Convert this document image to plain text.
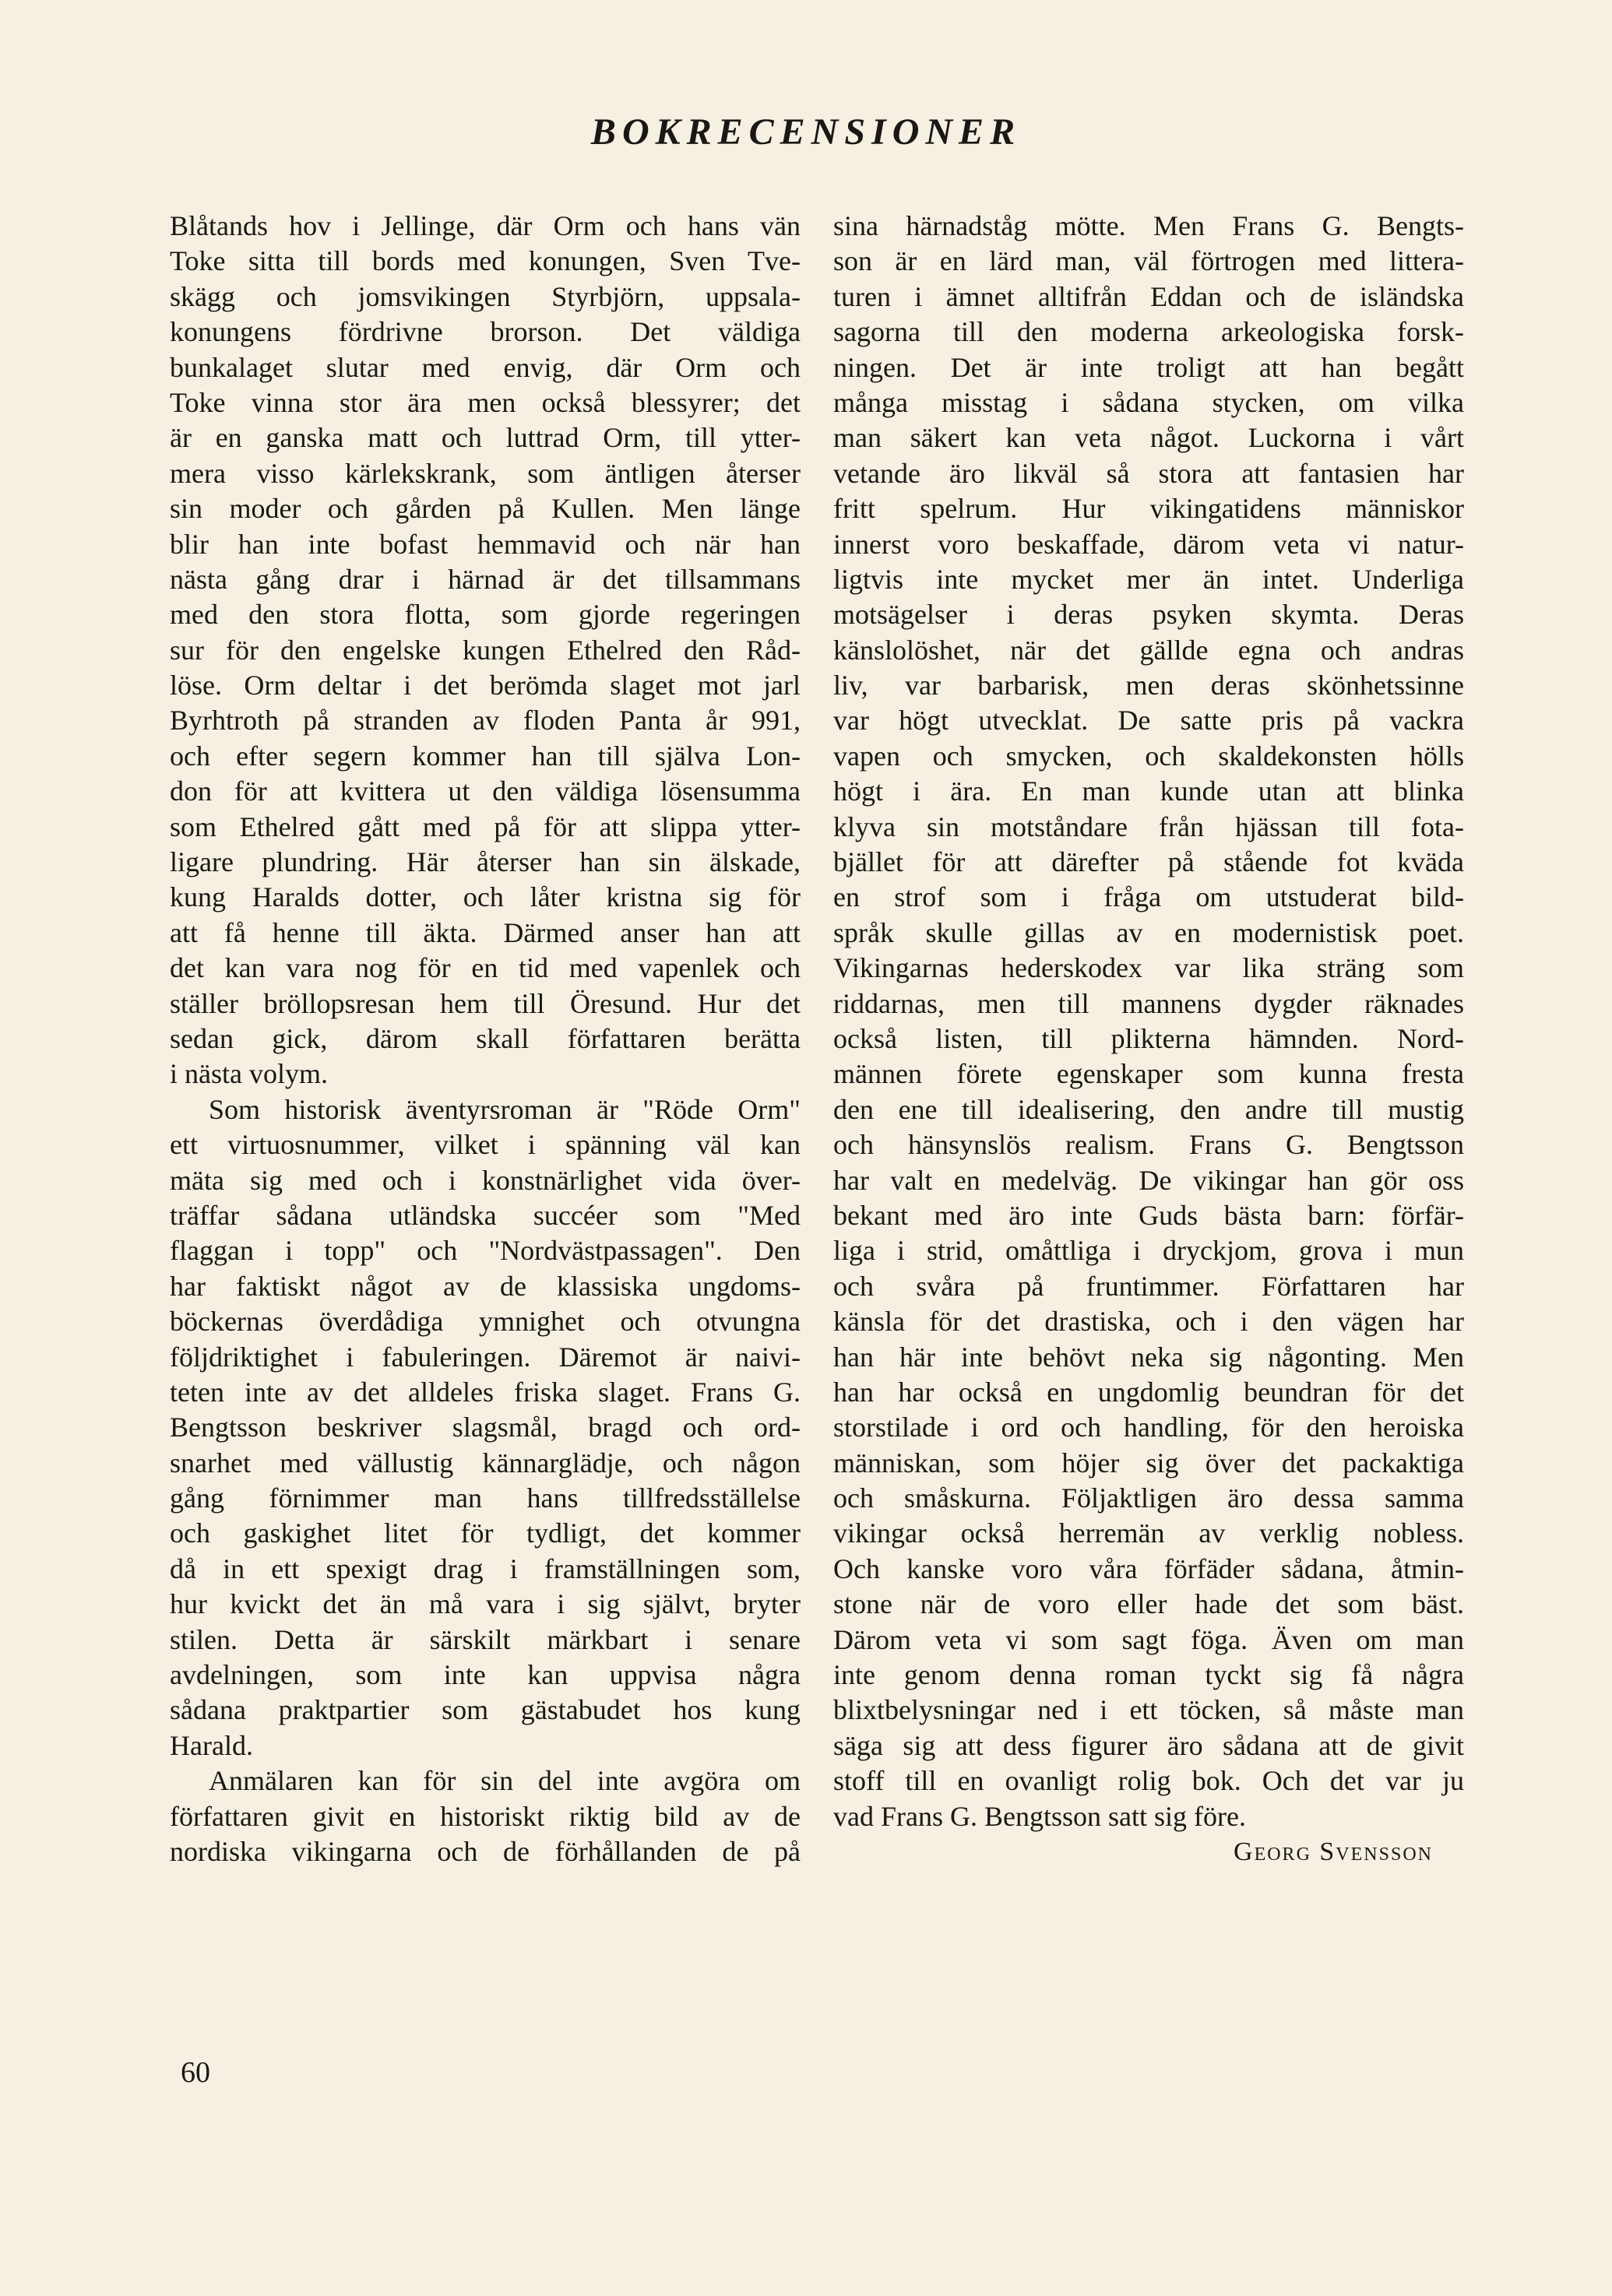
BOKRECENSIONER
Blåtands hov i Jellinge, där Orm och hans vän
Toke sitta till bords med konungen, Sven Tve-
skägg och jomsvikingen Styrbjörn, uppsala-
konungens fördrivne brorson. Det väldiga
bunkalaget slutar med envig, där Orm och
Toke vinna stor ära men också blessyrer; det
är en ganska matt och luttrad Orm, till ytter-
mera visso kärlekskrank, som äntligen återser
sin moder och gården på Kullen. Men länge
blir han inte bofast hemmavid och när han
nästa gång drar i härnad är det tillsammans
med den stora flotta, som gjorde regeringen
sur för den engelske kungen Ethelred den Råd-
löse. Orm deltar i det berömda slaget mot jarl
Byrhtroth på stranden av floden Panta år 991,
och efter segern kommer han till själva Lon-
don för att kvittera ut den väldiga lösensumma
som Ethelred gått med på för att slippa ytter-
ligare plundring. Här återser han sin älskade,
kung Haralds dotter, och låter kristna sig för
att få henne till äkta. Därmed anser han att
det kan vara nog för en tid med vapenlek och
ställer bröllopsresan hem till Öresund. Hur det
sedan gick, därom skall författaren berätta
i nästa volym.
Som historisk äventyrsroman är "Röde Orm"
ett virtuosnummer, vilket i spänning väl kan
mäta sig med och i konstnärlighet vida över-
träffar sådana utländska succéer som "Med
flaggan i topp" och "Nordvästpassagen". Den
har faktiskt något av de klassiska ungdoms-
böckernas överdådiga ymnighet och otvungna
följdriktighet i fabuleringen. Däremot är naivi-
teten inte av det alldeles friska slaget. Frans G.
Bengtsson beskriver slagsmål, bragd och ord-
snarhet med vällustig kännarglädje, och någon
gång förnimmer man hans tillfredsställelse
och gaskighet litet för tydligt, det kommer
då in ett spexigt drag i framställningen som,
hur kvickt det än må vara i sig självt, bryter
stilen. Detta är särskilt märkbart i senare
avdelningen, som inte kan uppvisa några
sådana praktpartier som gästabudet hos kung
Harald.
Anmälaren kan för sin del inte avgöra om
författaren givit en historiskt riktig bild av de
nordiska vikingarna och de förhållanden de på
sina härnadståg mötte. Men Frans G. Bengts-
son är en lärd man, väl förtrogen med littera-
turen i ämnet alltifrån Eddan och de isländska
sagorna till den moderna arkeologiska forsk-
ningen. Det är inte troligt att han begått
många misstag i sådana stycken, om vilka
man säkert kan veta något. Luckorna i vårt
vetande äro likväl så stora att fantasien har
fritt spelrum. Hur vikingatidens människor
innerst voro beskaffade, därom veta vi natur-
ligtvis inte mycket mer än intet. Underliga
motsägelser i deras psyken skymta. Deras
känslolöshet, när det gällde egna och andras
liv, var barbarisk, men deras skönhetssinne
var högt utvecklat. De satte pris på vackra
vapen och smycken, och skaldekonsten hölls
högt i ära. En man kunde utan att blinka
klyva sin motståndare från hjässan till fota-
bjället för att därefter på stående fot kväda
en strof som i fråga om utstuderat bild-
språk skulle gillas av en modernistisk poet.
Vikingarnas hederskodex var lika sträng som
riddarnas, men till mannens dygder räknades
också listen, till plikterna hämnden. Nord-
männen förete egenskaper som kunna fresta
den ene till idealisering, den andre till mustig
och hänsynslös realism. Frans G. Bengtsson
har valt en medelväg. De vikingar han gör oss
bekant med äro inte Guds bästa barn: förfär-
liga i strid, omåttliga i dryckjom, grova i mun
och svåra på fruntimmer. Författaren har
känsla för det drastiska, och i den vägen har
han här inte behövt neka sig någonting. Men
han har också en ungdomlig beundran för det
storstilade i ord och handling, för den heroiska
människan, som höjer sig över det packaktiga
och småskurna. Följaktligen äro dessa samma
vikingar också herremän av verklig nobless.
Och kanske voro våra förfäder sådana, åtmin-
stone när de voro eller hade det som bäst.
Därom veta vi som sagt föga. Även om man
inte genom denna roman tyckt sig få några
blixtbelysningar ned i ett töcken, så måste man
säga sig att dess figurer äro sådana att de givit
stoff till en ovanligt rolig bok. Och det var ju
vad Frans G. Bengtsson satt sig före.
Georg Svensson
60
